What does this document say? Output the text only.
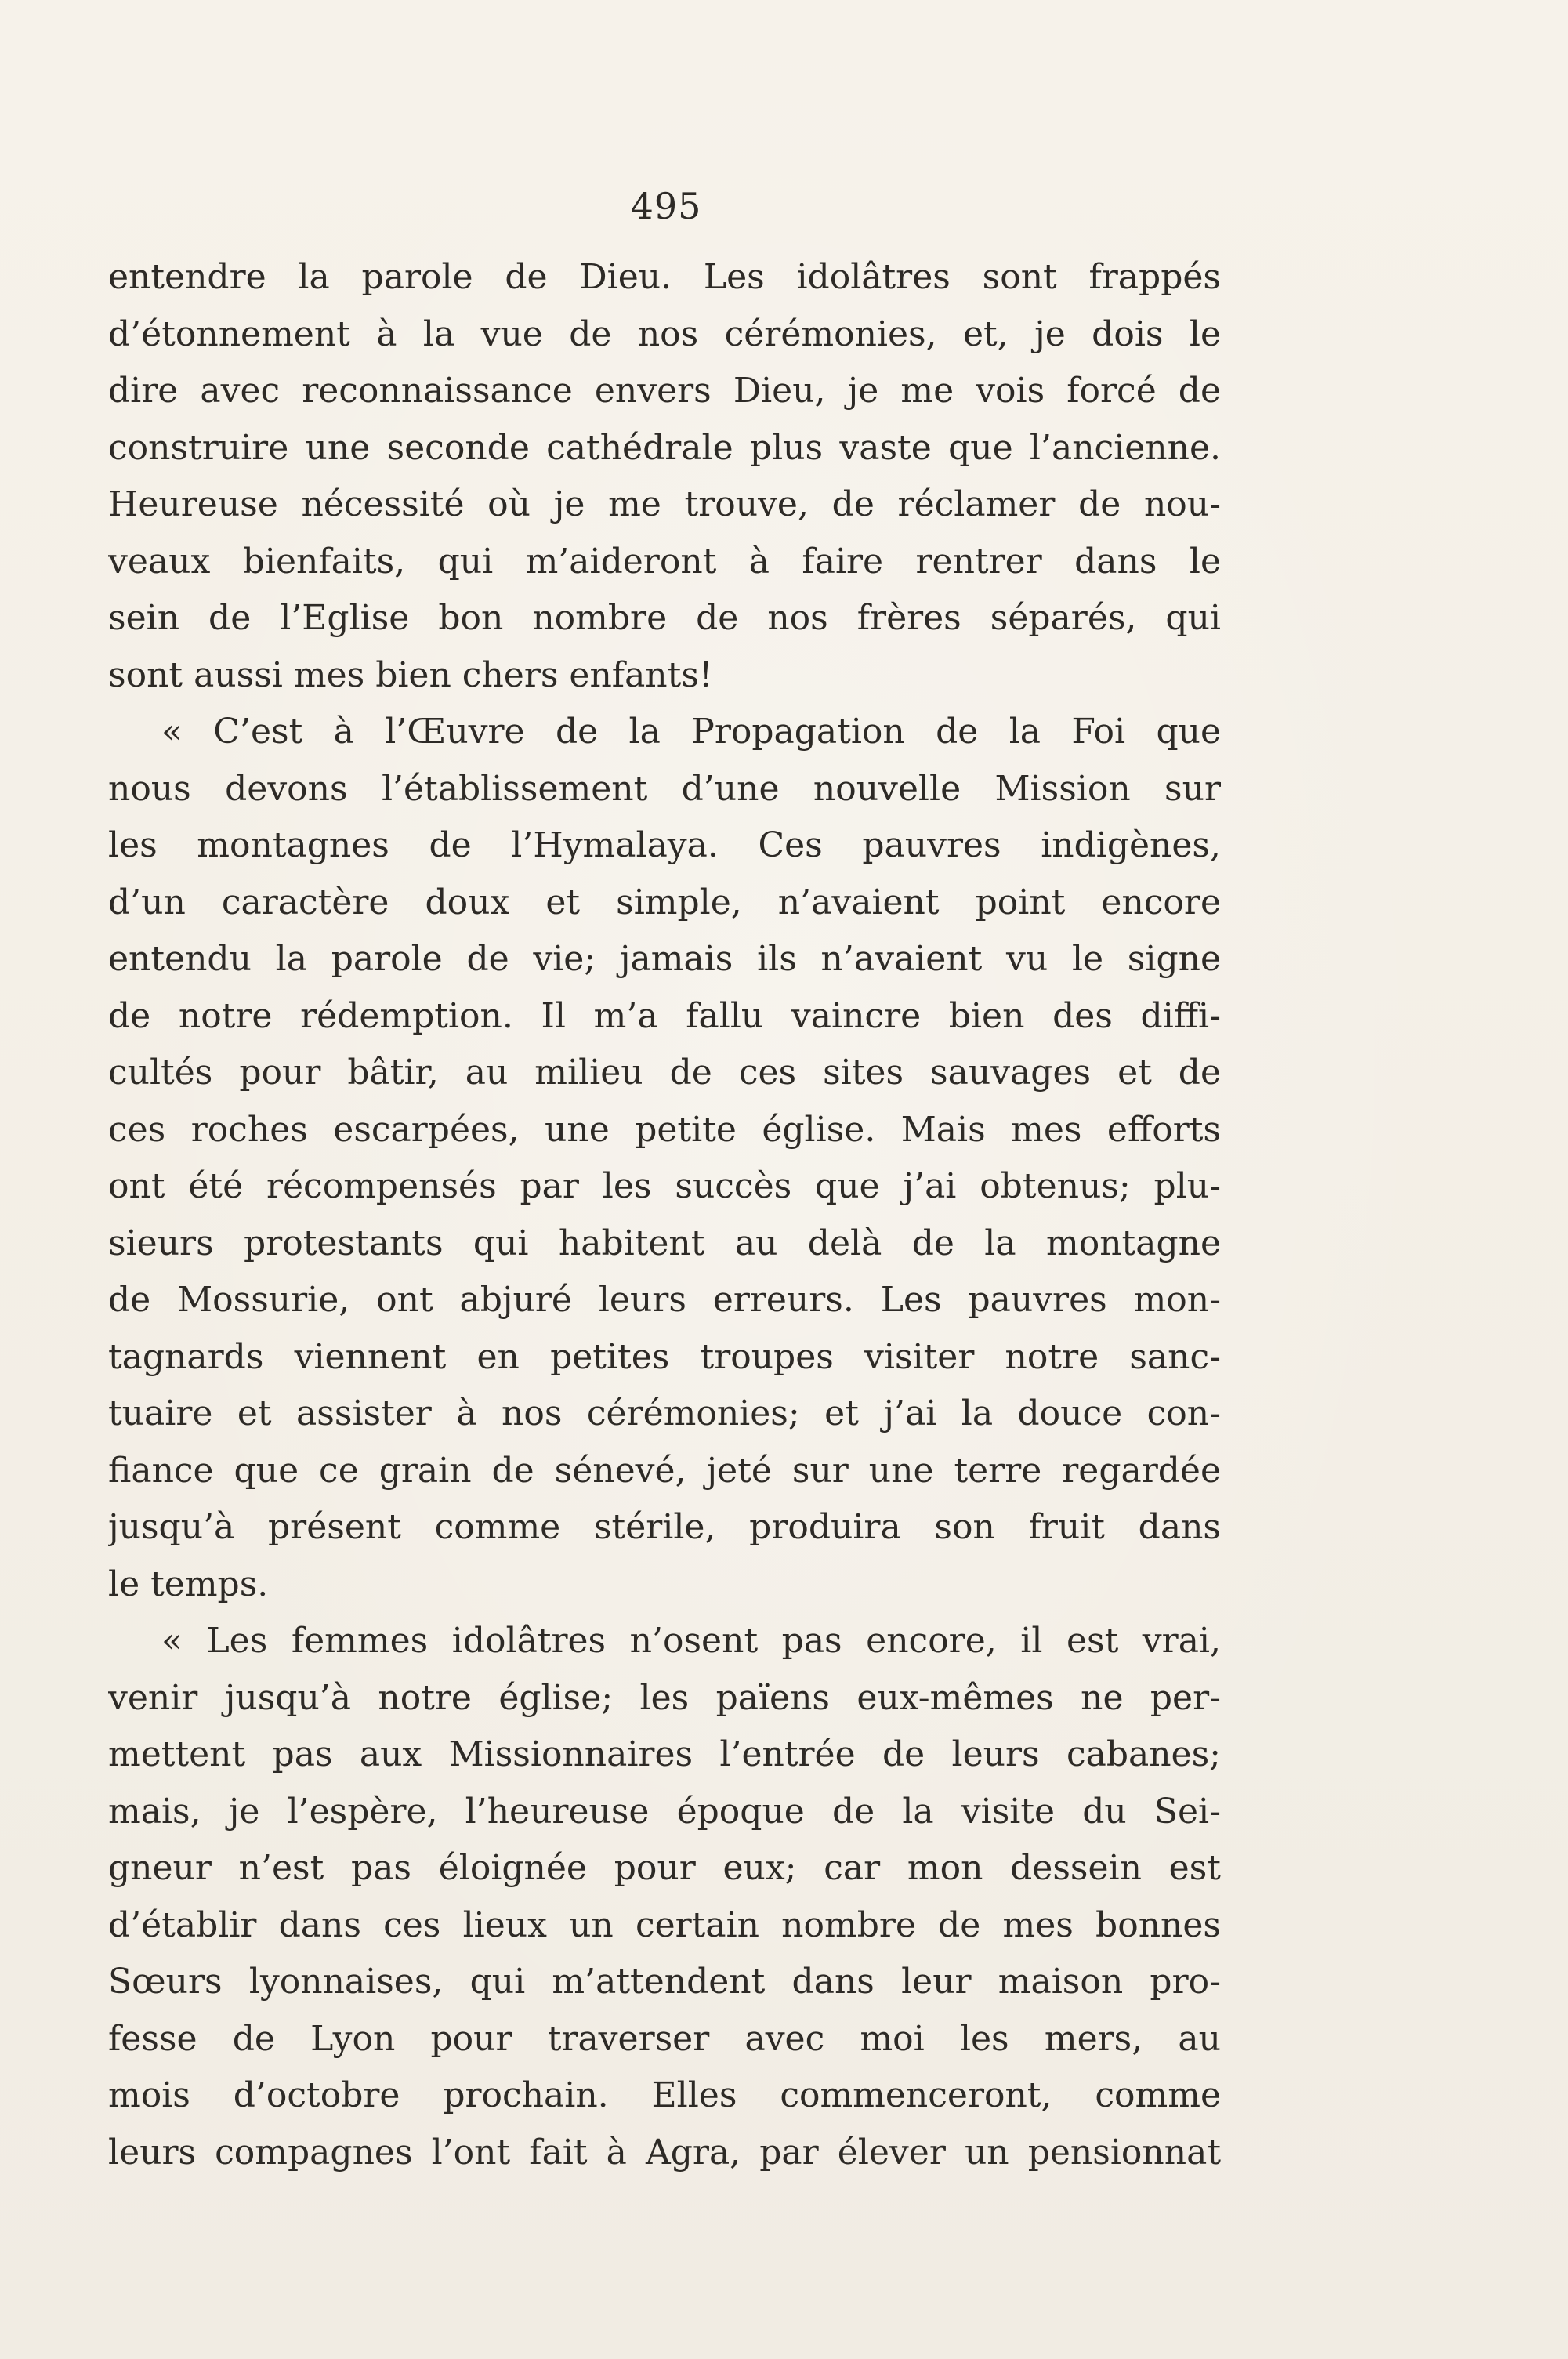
495
entendre la parole de Dieu. Les idolâtres sont frappés
d’étonnement à la vue de nos cérémonies, et, je dois le
dire avec reconnaissance envers Dieu, je me vois forcé de
construire une seconde cathédrale plus vaste que l’ancienne.
Heureuse nécessité où je me trouve, de réclamer de nou-
veaux bienfaits, qui m’aideront à faire rentrer dans le
sein de l’Eglise bon nombre de nos frères séparés, qui
sont aussi mes bien chers enfants!
« C’est à l’Œuvre de la Propagation de la Foi que
nous devons l’établissement d’une nouvelle Mission sur
les montagnes de l’Hymalaya. Ces pauvres indigènes,
d’un caractère doux et simple, n’avaient point encore
entendu la parole de vie; jamais ils n’avaient vu le signe
de notre rédemption. Il m’a fallu vaincre bien des diffi-
cultés pour bâtir, au milieu de ces sites sauvages et de
ces roches escarpées, une petite église. Mais mes efforts
ont été récompensés par les succès que j’ai obtenus; plu-
sieurs protestants qui habitent au delà de la montagne
de Mossurie, ont abjuré leurs erreurs. Les pauvres mon-
tagnards viennent en petites troupes visiter notre sanc-
tuaire et assister à nos cérémonies; et j’ai la douce con-
fiance que ce grain de sénevé, jeté sur une terre regardée
jusqu’à présent comme stérile, produira son fruit dans
le temps.
« Les femmes idolâtres n’osent pas encore, il est vrai,
venir jusqu’à notre église; les païens eux-mêmes ne per-
mettent pas aux Missionnaires l’entrée de leurs cabanes;
mais, je l’espère, l’heureuse époque de la visite du Sei-
gneur n’est pas éloignée pour eux; car mon dessein est
d’établir dans ces lieux un certain nombre de mes bonnes
Sœurs lyonnaises, qui m’attendent dans leur maison pro-
fesse de Lyon pour traverser avec moi les mers, au
mois d’octobre prochain. Elles commenceront, comme
leurs compagnes l’ont fait à Agra, par élever un pensionnat
